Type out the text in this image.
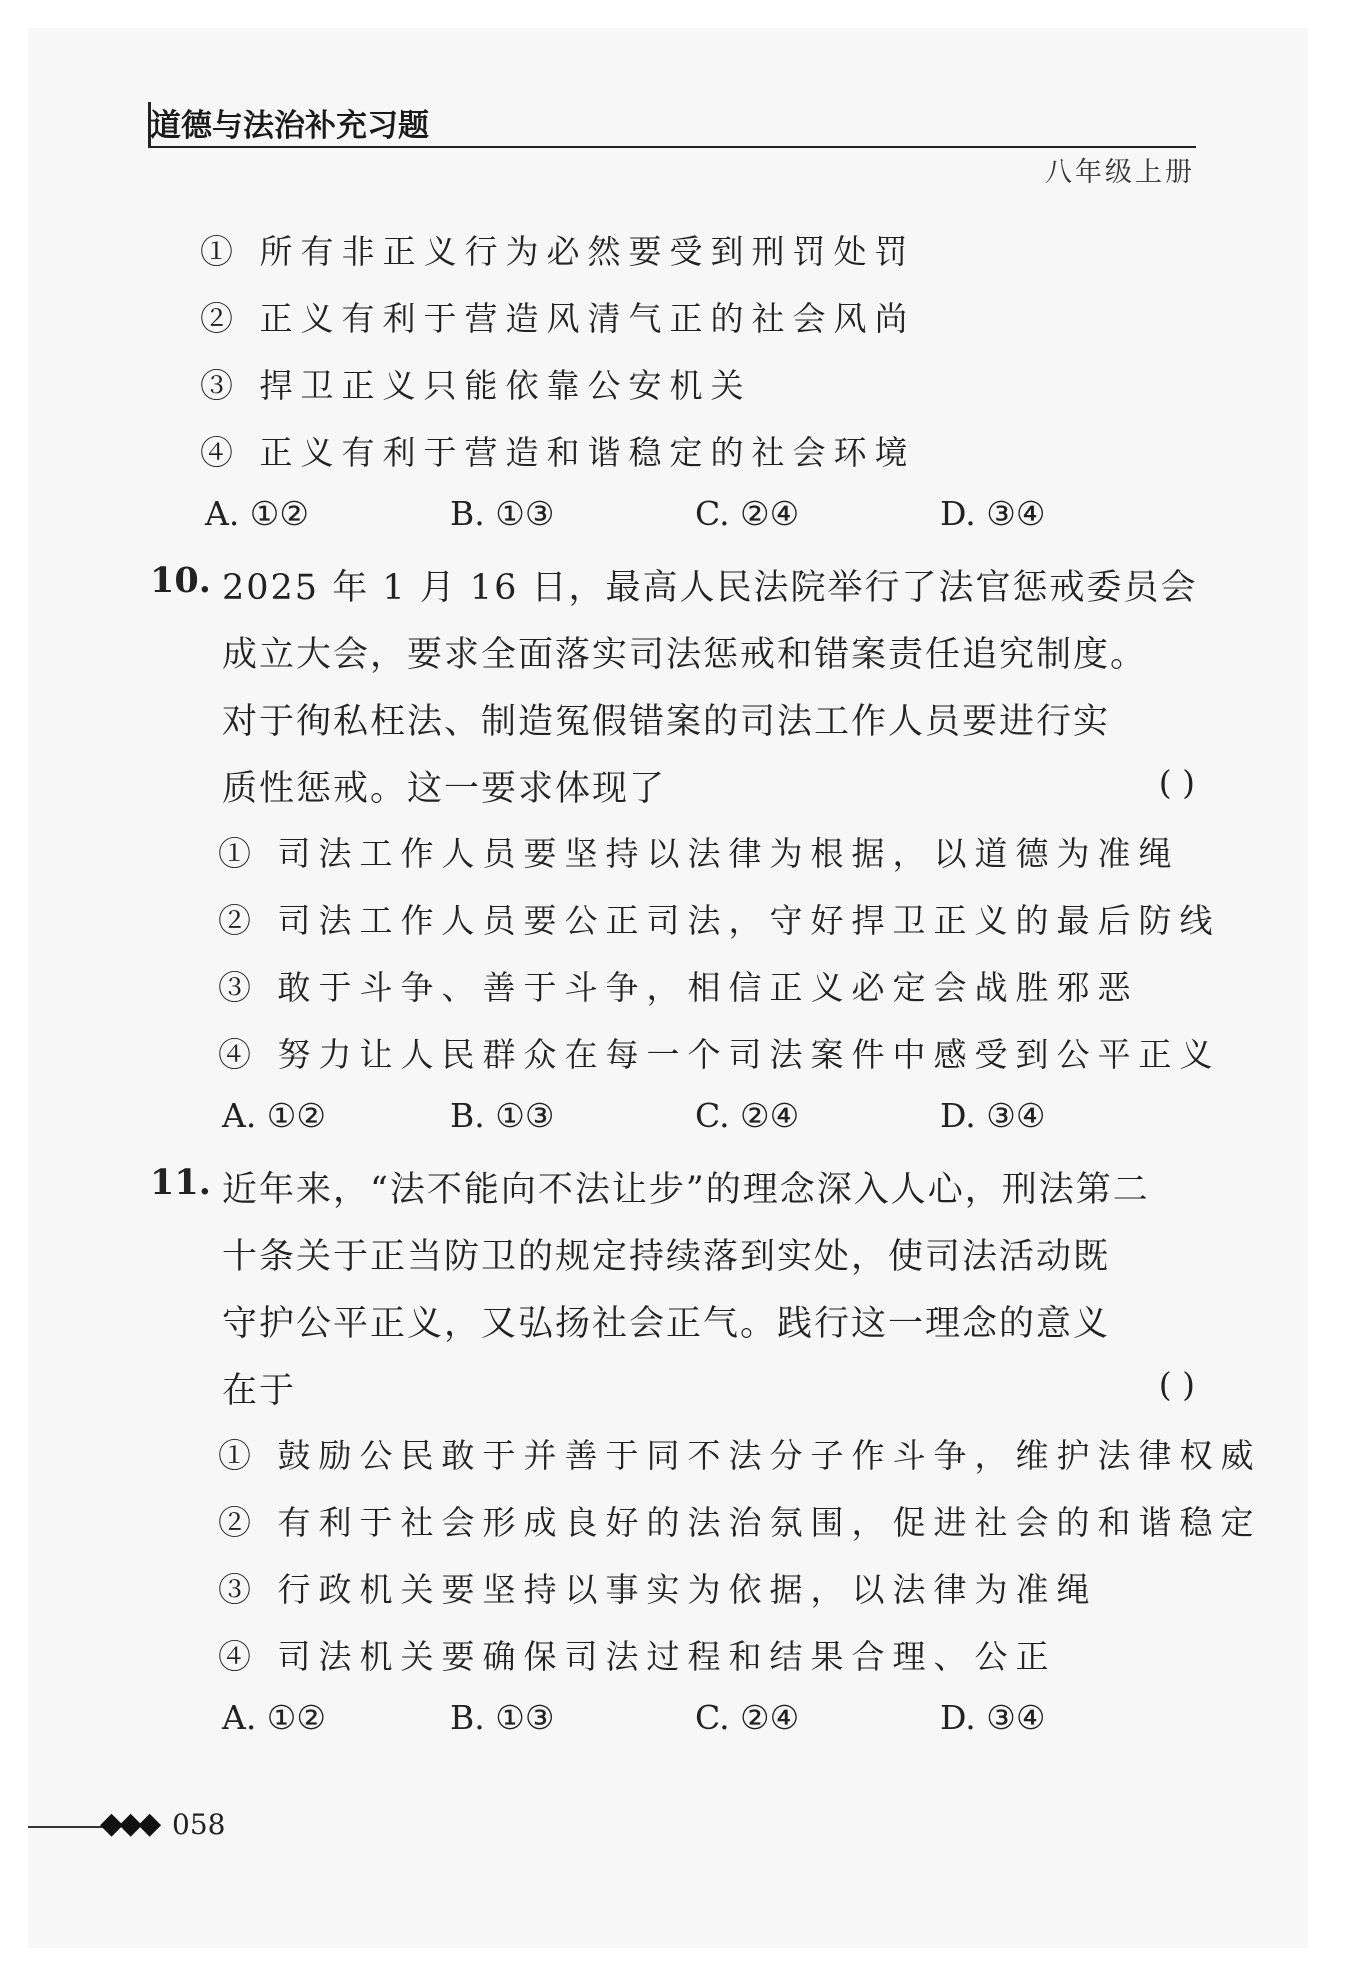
道德与法治补充习题
八年级上册
① 所有非正义行为必然要受到刑罚处罚
② 正义有利于营造风清气正的社会风尚
③ 捍卫正义只能依靠公安机关
④ 正义有利于营造和谐稳定的社会环境
A. ①②	B. ①③	C. ②④	D. ③④
10. 2025 年 1 月 16 日，最高人民法院举行了法官惩戒委员会
成立大会，要求全面落实司法惩戒和错案责任追究制度。
对于徇私枉法、制造冤假错案的司法工作人员要进行实
质性惩戒。这一要求体现了	( )
① 司法工作人员要坚持以法律为根据，以道德为准绳
② 司法工作人员要公正司法，守好捍卫正义的最后防线
③ 敢于斗争、善于斗争，相信正义必定会战胜邪恶
④ 努力让人民群众在每一个司法案件中感受到公平正义
A. ①②	B. ①③	C. ②④	D. ③④
11. 近年来，“法不能向不法让步”的理念深入人心，刑法第二
十条关于正当防卫的规定持续落到实处，使司法活动既
守护公平正义，又弘扬社会正气。践行这一理念的意义
在于	( )
① 鼓励公民敢于并善于同不法分子作斗争，维护法律权威
② 有利于社会形成良好的法治氛围，促进社会的和谐稳定
③ 行政机关要坚持以事实为依据，以法律为准绳
④ 司法机关要确保司法过程和结果合理、公正
A. ①②	B. ①③	C. ②④	D. ③④
◆◆◆ 058
